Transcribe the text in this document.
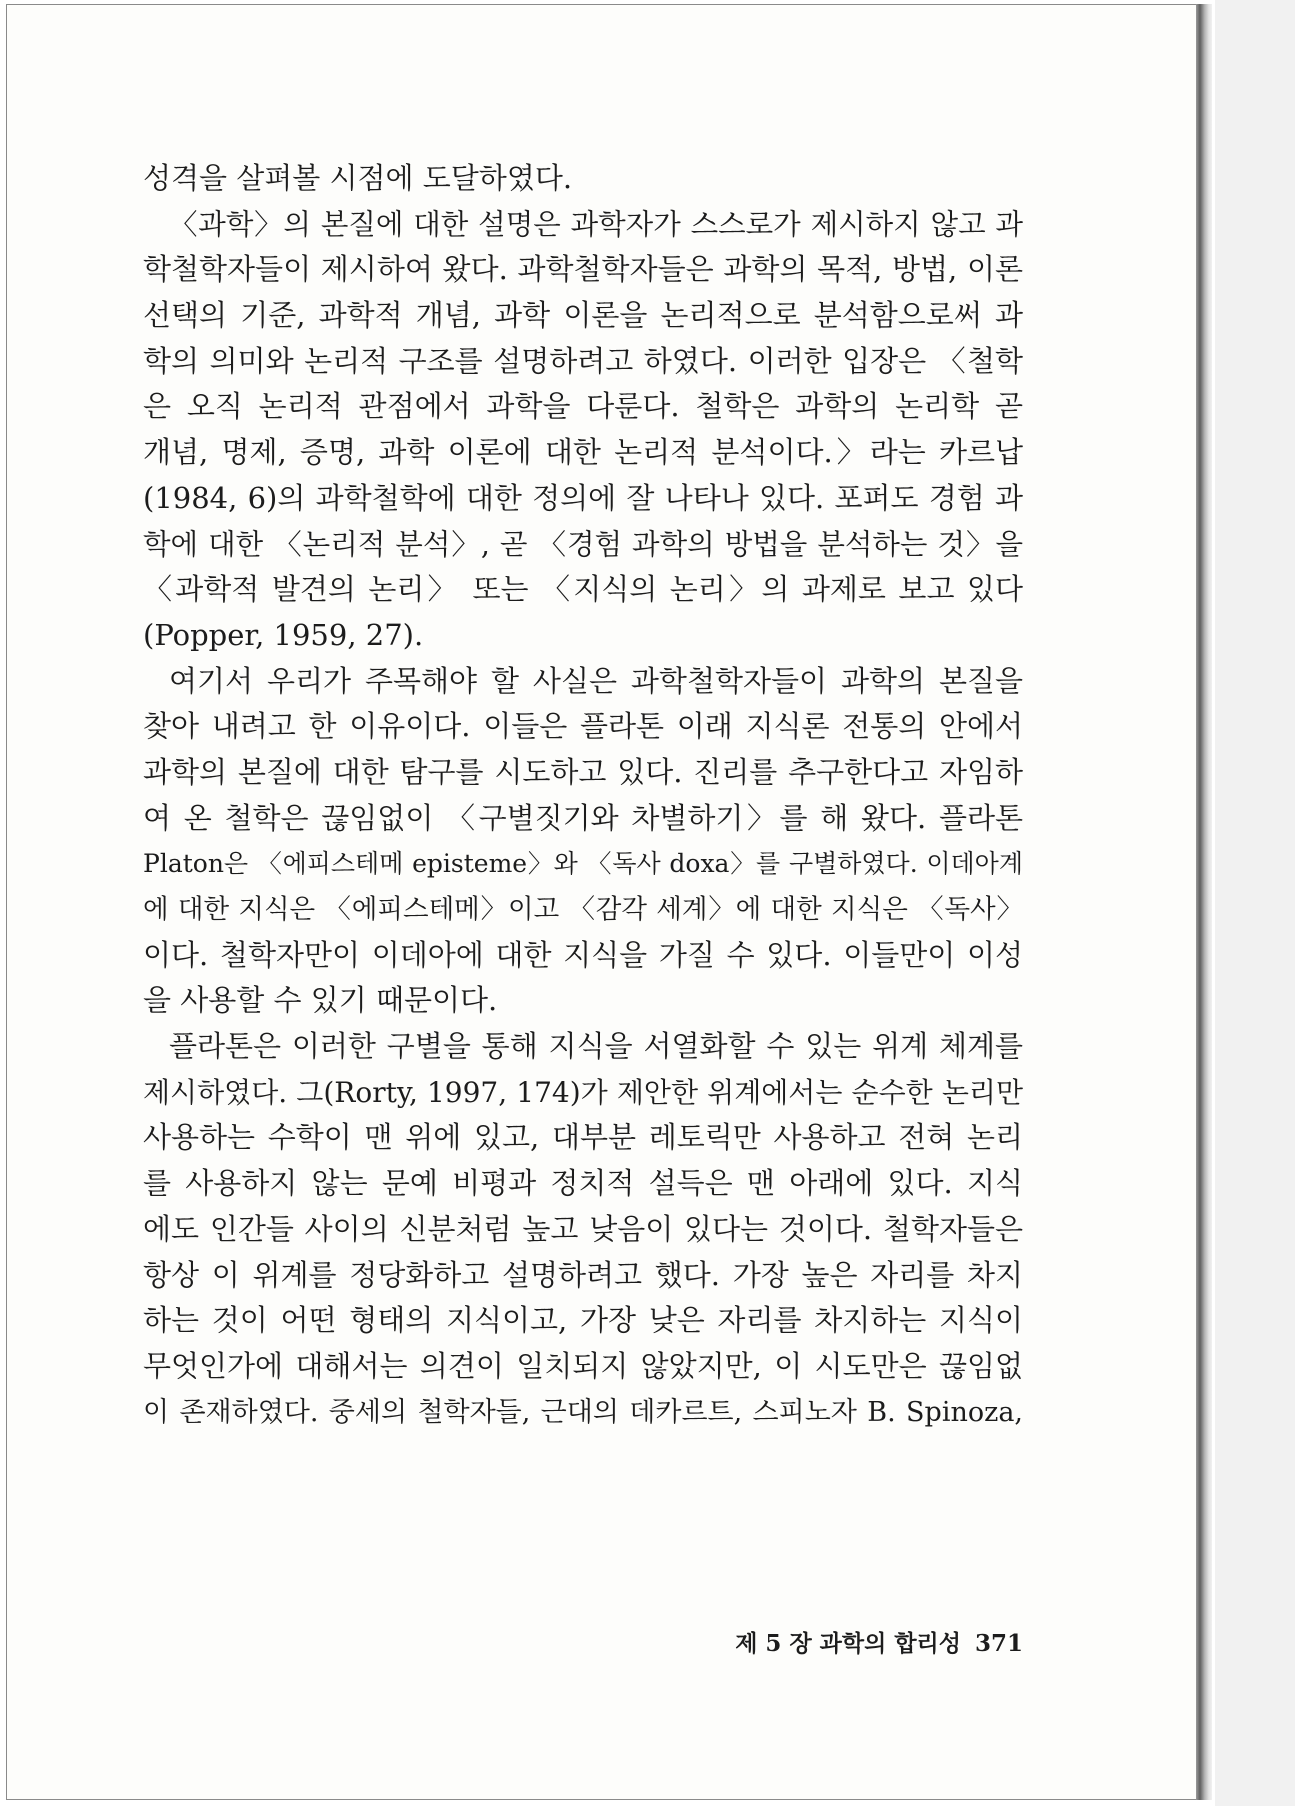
성격을 살펴볼 시점에 도달하였다.
〈과학〉의 본질에 대한 설명은 과학자가 스스로가 제시하지 않고 과
학철학자들이 제시하여 왔다. 과학철학자들은 과학의 목적, 방법, 이론
선택의 기준, 과학적 개념, 과학 이론을 논리적으로 분석함으로써 과
학의 의미와 논리적 구조를 설명하려고 하였다. 이러한 입장은 〈철학
은 오직 논리적 관점에서 과학을 다룬다. 철학은 과학의 논리학 곧
개념, 명제, 증명, 과학 이론에 대한 논리적 분석이다.〉라는 카르납
(1984, 6)의 과학철학에 대한 정의에 잘 나타나 있다. 포퍼도 경험 과
학에 대한 〈논리적 분석〉, 곧 〈경험 과학의 방법을 분석하는 것〉을
〈과학적 발견의 논리〉 또는 〈지식의 논리〉의 과제로 보고 있다
(Popper, 1959, 27).
여기서 우리가 주목해야 할 사실은 과학철학자들이 과학의 본질을
찾아 내려고 한 이유이다. 이들은 플라톤 이래 지식론 전통의 안에서
과학의 본질에 대한 탐구를 시도하고 있다. 진리를 추구한다고 자임하
여 온 철학은 끊임없이 〈구별짓기와 차별하기〉를 해 왔다. 플라톤
Platon은 〈에피스테메 episteme〉와 〈독사 doxa〉를 구별하였다. 이데아계
에 대한 지식은 〈에피스테메〉이고 〈감각 세계〉에 대한 지식은 〈독사〉
이다. 철학자만이 이데아에 대한 지식을 가질 수 있다. 이들만이 이성
을 사용할 수 있기 때문이다.
플라톤은 이러한 구별을 통해 지식을 서열화할 수 있는 위계 체계를
제시하였다. 그(Rorty, 1997, 174)가 제안한 위계에서는 순수한 논리만
사용하는 수학이 맨 위에 있고, 대부분 레토릭만 사용하고 전혀 논리
를 사용하지 않는 문예 비평과 정치적 설득은 맨 아래에 있다. 지식
에도 인간들 사이의 신분처럼 높고 낮음이 있다는 것이다. 철학자들은
항상 이 위계를 정당화하고 설명하려고 했다. 가장 높은 자리를 차지
하는 것이 어떤 형태의 지식이고, 가장 낮은 자리를 차지하는 지식이
무엇인가에 대해서는 의견이 일치되지 않았지만, 이 시도만은 끊임없
이 존재하였다. 중세의 철학자들, 근대의 데카르트, 스피노자 B. Spinoza,
제 5 장 과학의 합리성 371
